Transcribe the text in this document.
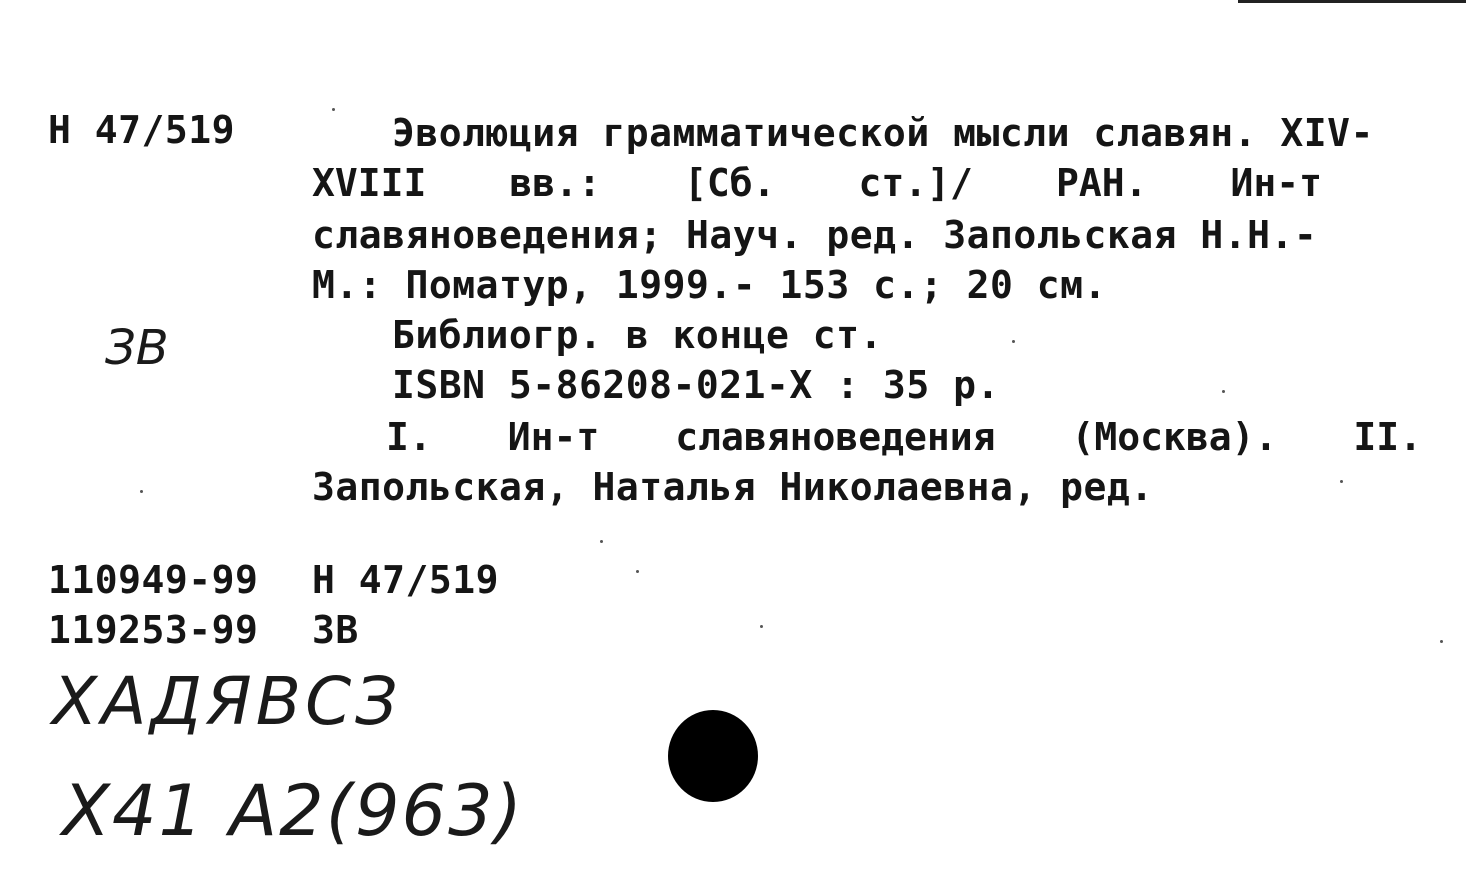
Н 47/519	Эволюция грамматической мысли славян. XIV-
XVIII вв.: [Сб. ст.]/ РАН. Ин-т
славяноведения; Науч. ред. Запольская Н.Н.-
М.: Поматур, 1999.- 153 с.; 20 см.
ЗВ	Библиогр. в конце ст.
ISBN 5-86208-021-X : 35 р.
I. Ин-т славяноведения (Москва). II.
Запольская, Наталья Николаевна, ред.
110949-99 Н 47/519
119253-99 ЗВ
ХАДЯВСЗ
Х41 А2(963)
